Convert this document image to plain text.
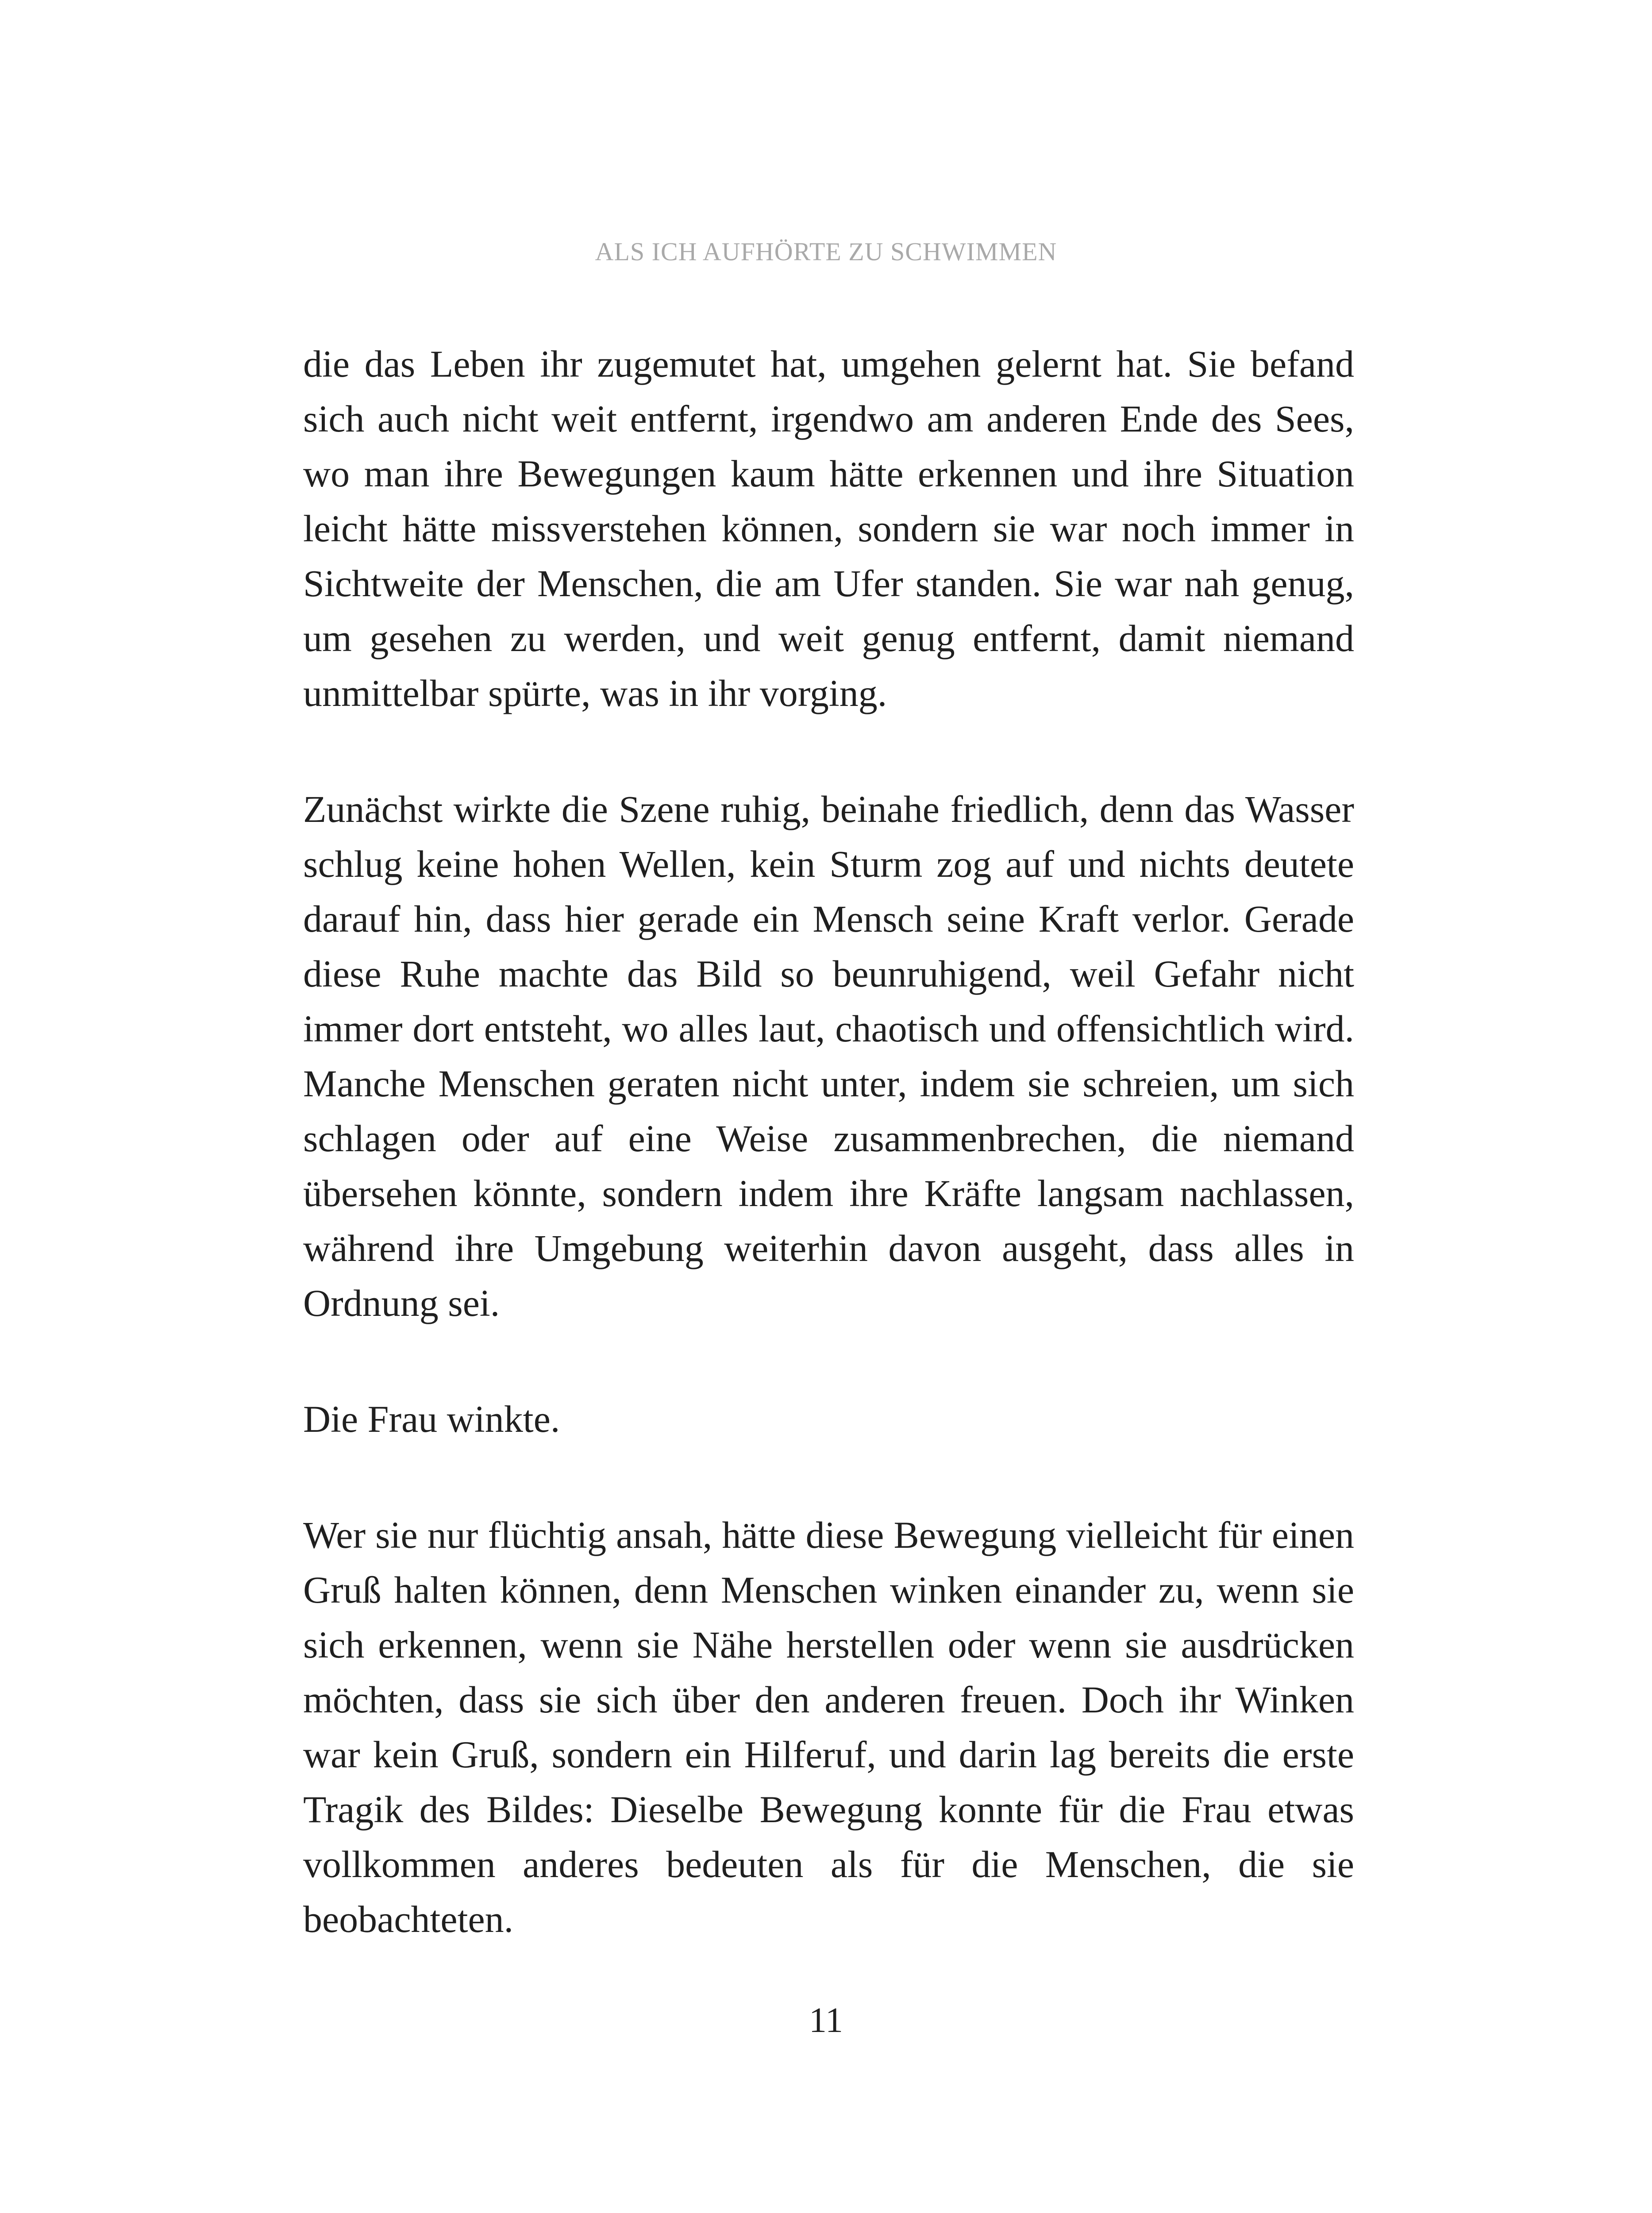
ALS ICH AUFHÖRTE ZU SCHWIMMEN

die das Leben ihr zugemutet hat, umgehen gelernt hat. Sie befand sich auch nicht weit entfernt, irgendwo am anderen Ende des Sees, wo man ihre Bewegungen kaum hätte erkennen und ihre Situation leicht hätte missverstehen können, sondern sie war noch immer in Sichtweite der Menschen, die am Ufer standen. Sie war nah genug, um gesehen zu werden, und weit genug entfernt, damit niemand unmittelbar spürte, was in ihr vorging.

Zunächst wirkte die Szene ruhig, beinahe friedlich, denn das Wasser schlug keine hohen Wellen, kein Sturm zog auf und nichts deutete darauf hin, dass hier gerade ein Mensch seine Kraft verlor. Gerade diese Ruhe machte das Bild so beunruhigend, weil Gefahr nicht immer dort entsteht, wo alles laut, chaotisch und offensichtlich wird. Manche Menschen geraten nicht unter, indem sie schreien, um sich schlagen oder auf eine Weise zusammenbrechen, die niemand übersehen könnte, sondern indem ihre Kräfte langsam nachlassen, während ihre Umgebung weiterhin davon ausgeht, dass alles in Ordnung sei.

Die Frau winkte.

Wer sie nur flüchtig ansah, hätte diese Bewegung vielleicht für einen Gruß halten können, denn Menschen winken einander zu, wenn sie sich erkennen, wenn sie Nähe herstellen oder wenn sie ausdrücken möchten, dass sie sich über den anderen freuen. Doch ihr Winken war kein Gruß, sondern ein Hilferuf, und darin lag bereits die erste Tragik des Bildes: Dieselbe Bewegung konnte für die Frau etwas vollkommen anderes bedeuten als für die Menschen, die sie beobachteten.

11
